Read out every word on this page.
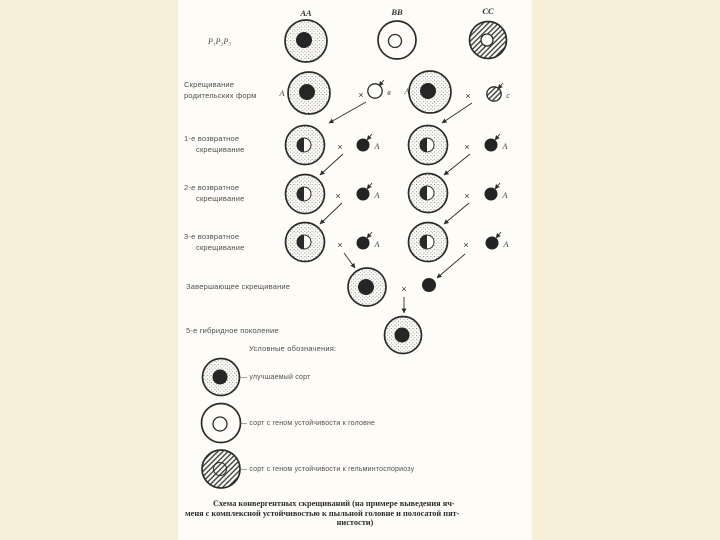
Р₁Р₂Р₃
АА	ВВ	СС
А	×	в А	×	с
×	А	×	А
×	А	×	А
×	А	×	А
×
Скрещивание
родительских форм
1-е возвратное
скрещивание
2-е возвратное
скрещивание
3-е возвратное
скрещивание
Завершающее скрещивание
5-е гибридное поколение
Условные обозначения:
— улучшаемый сорт
— сорт с геном устойчивости к головне
— сорт с геном устойчивости к гельминтоспориозу
Схема конвергентных скрещиваний (на примере выведения яч-
меня с комплексной устойчивостью к пыльной головне и полосатой пят-
нистости)
